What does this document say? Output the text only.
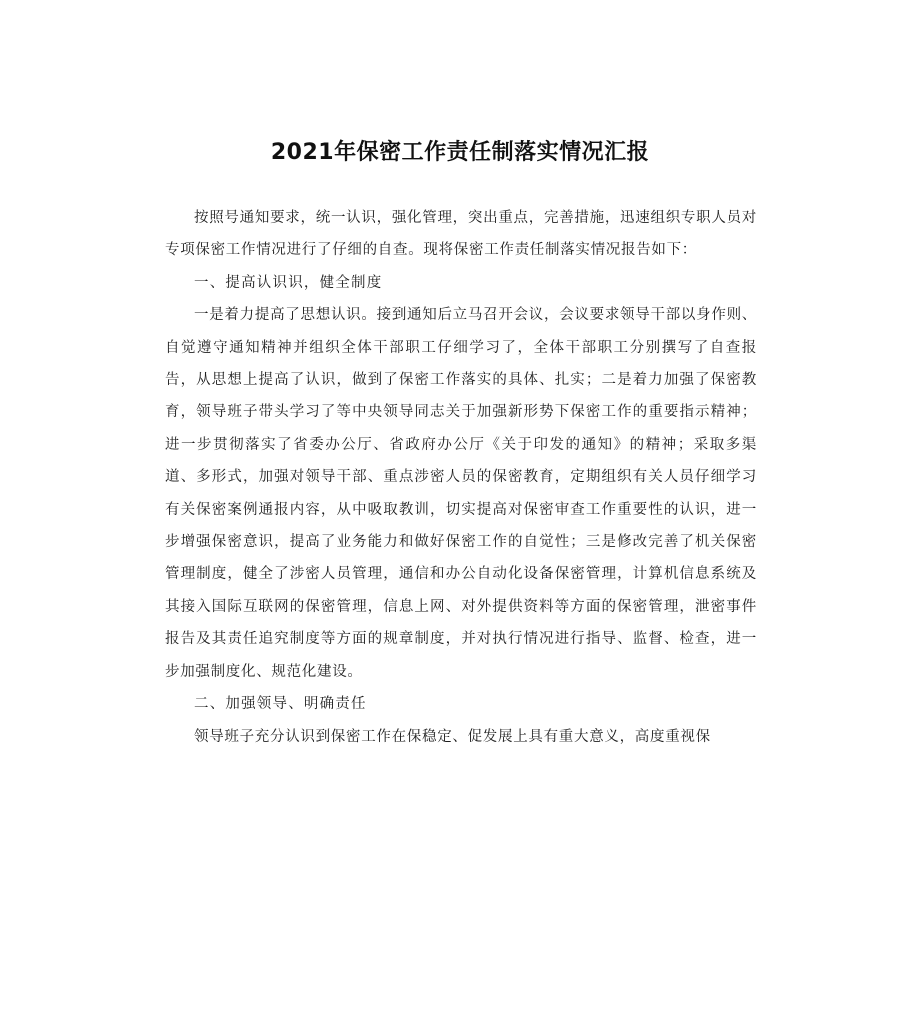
2021年保密工作责任制落实情况汇报

按照号通知要求，统一认识，强化管理，突出重点，完善措施，迅速组织专职人员对专项保密工作情况进行了仔细的自查。现将保密工作责任制落实情况报告如下：

一、提高认识识，健全制度

一是着力提高了思想认识。接到通知后立马召开会议，会议要求领导干部以身作则、自觉遵守通知精神并组织全体干部职工仔细学习了，全体干部职工分别撰写了自查报告，从思想上提高了认识，做到了保密工作落实的具体、扎实；二是着力加强了保密教育，领导班子带头学习了等中央领导同志关于加强新形势下保密工作的重要指示精神；进一步贯彻落实了省委办公厅、省政府办公厅《关于印发的通知》的精神；采取多渠道、多形式，加强对领导干部、重点涉密人员的保密教育，定期组织有关人员仔细学习有关保密案例通报内容，从中吸取教训，切实提高对保密审查工作重要性的认识，进一步增强保密意识，提高了业务能力和做好保密工作的自觉性；三是修改完善了机关保密管理制度，健全了涉密人员管理，通信和办公自动化设备保密管理，计算机信息系统及其接入国际互联网的保密管理，信息上网、对外提供资料等方面的保密管理，泄密事件报告及其责任追究制度等方面的规章制度，并对执行情况进行指导、监督、检查，进一步加强制度化、规范化建设。

二、加强领导、明确责任

领导班子充分认识到保密工作在保稳定、促发展上具有重大意义，高度重视保
